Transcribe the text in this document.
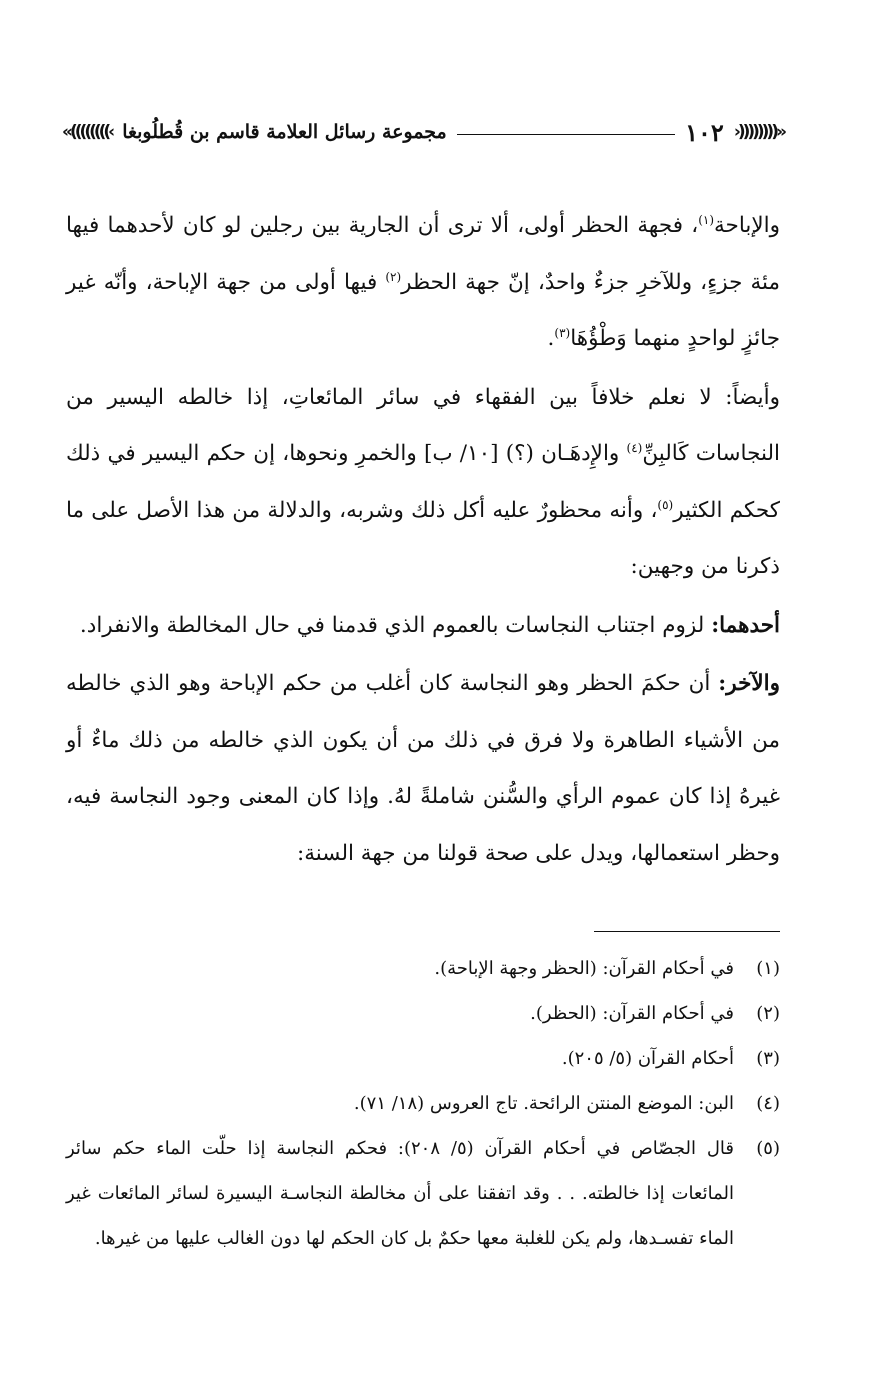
›))))))))››
١٠٢
مجموعة رسائل العلامة قاسم بن قُطلُوبغا
‹‹((((((((‹

والإباحة$^{(١)}$، فجهة الحظر أولى، ألا ترى أن الجارية بين رجلين لو كان لأحدهما فيها مئة جزءٍ، وللآخرِ جزءٌ واحدٌ، إنّ جهة الحظر$^{(٢)}$ فيها أولى من جهة الإباحة، وأنّه غير جائزٍ لواحدٍ منهما وَطْؤُهَا$^{(٣)}$.

وأيضاً: لا نعلم خلافاً بين الفقهاء في سائر المائعاتِ، إذا خالطه اليسير من النجاسات كَالبِنِّ$^{(٤)}$ والإِدهَـان (؟) [١٠/ ب] والخمرِ ونحوها، إن حكم اليسير في ذلك كحكم الكثير$^{(٥)}$، وأنه محظورٌ عليه أكل ذلك وشربه، والدلالة من هذا الأصل على ما ذكرنا من وجهين:

أحدهما: لزوم اجتناب النجاسات بالعموم الذي قدمنا في حال المخالطة والانفراد.

والآخر: أن حكمَ الحظر وهو النجاسة كان أغلب من حكم الإباحة وهو الذي خالطه من الأشياء الطاهرة ولا فرق في ذلك من أن يكون الذي خالطه من ذلك ماءٌ أو غيرهُ إذا كان عموم الرأي والسُّنن شاملةً لهُ. وإذا كان المعنى وجود النجاسة فيه، وحظر استعمالها، ويدل على صحة قولنا من جهة السنة:

(١)
في أحكام القرآن: (الحظر وجهة الإباحة).
(٢)
في أحكام القرآن: (الحظر).
(٣)
أحكام القرآن (٥/ ٢٠٥).
(٤)
البن: الموضع المنتن الرائحة. تاج العروس (١٨/ ٧١).
(٥)
قال الجصّاص في أحكام القرآن (٥/ ٢٠٨): فحكم النجاسة إذا حلّت الماء حكم سائر المائعات إذا خالطته. . . وقد اتفقنا على أن مخالطة النجاسـة اليسيرة لسائر المائعات غير الماء تفسـدها، ولم يكن للغلبة معها حكمٌ بل كان الحكم لها دون الغالب عليها من غيرها.
